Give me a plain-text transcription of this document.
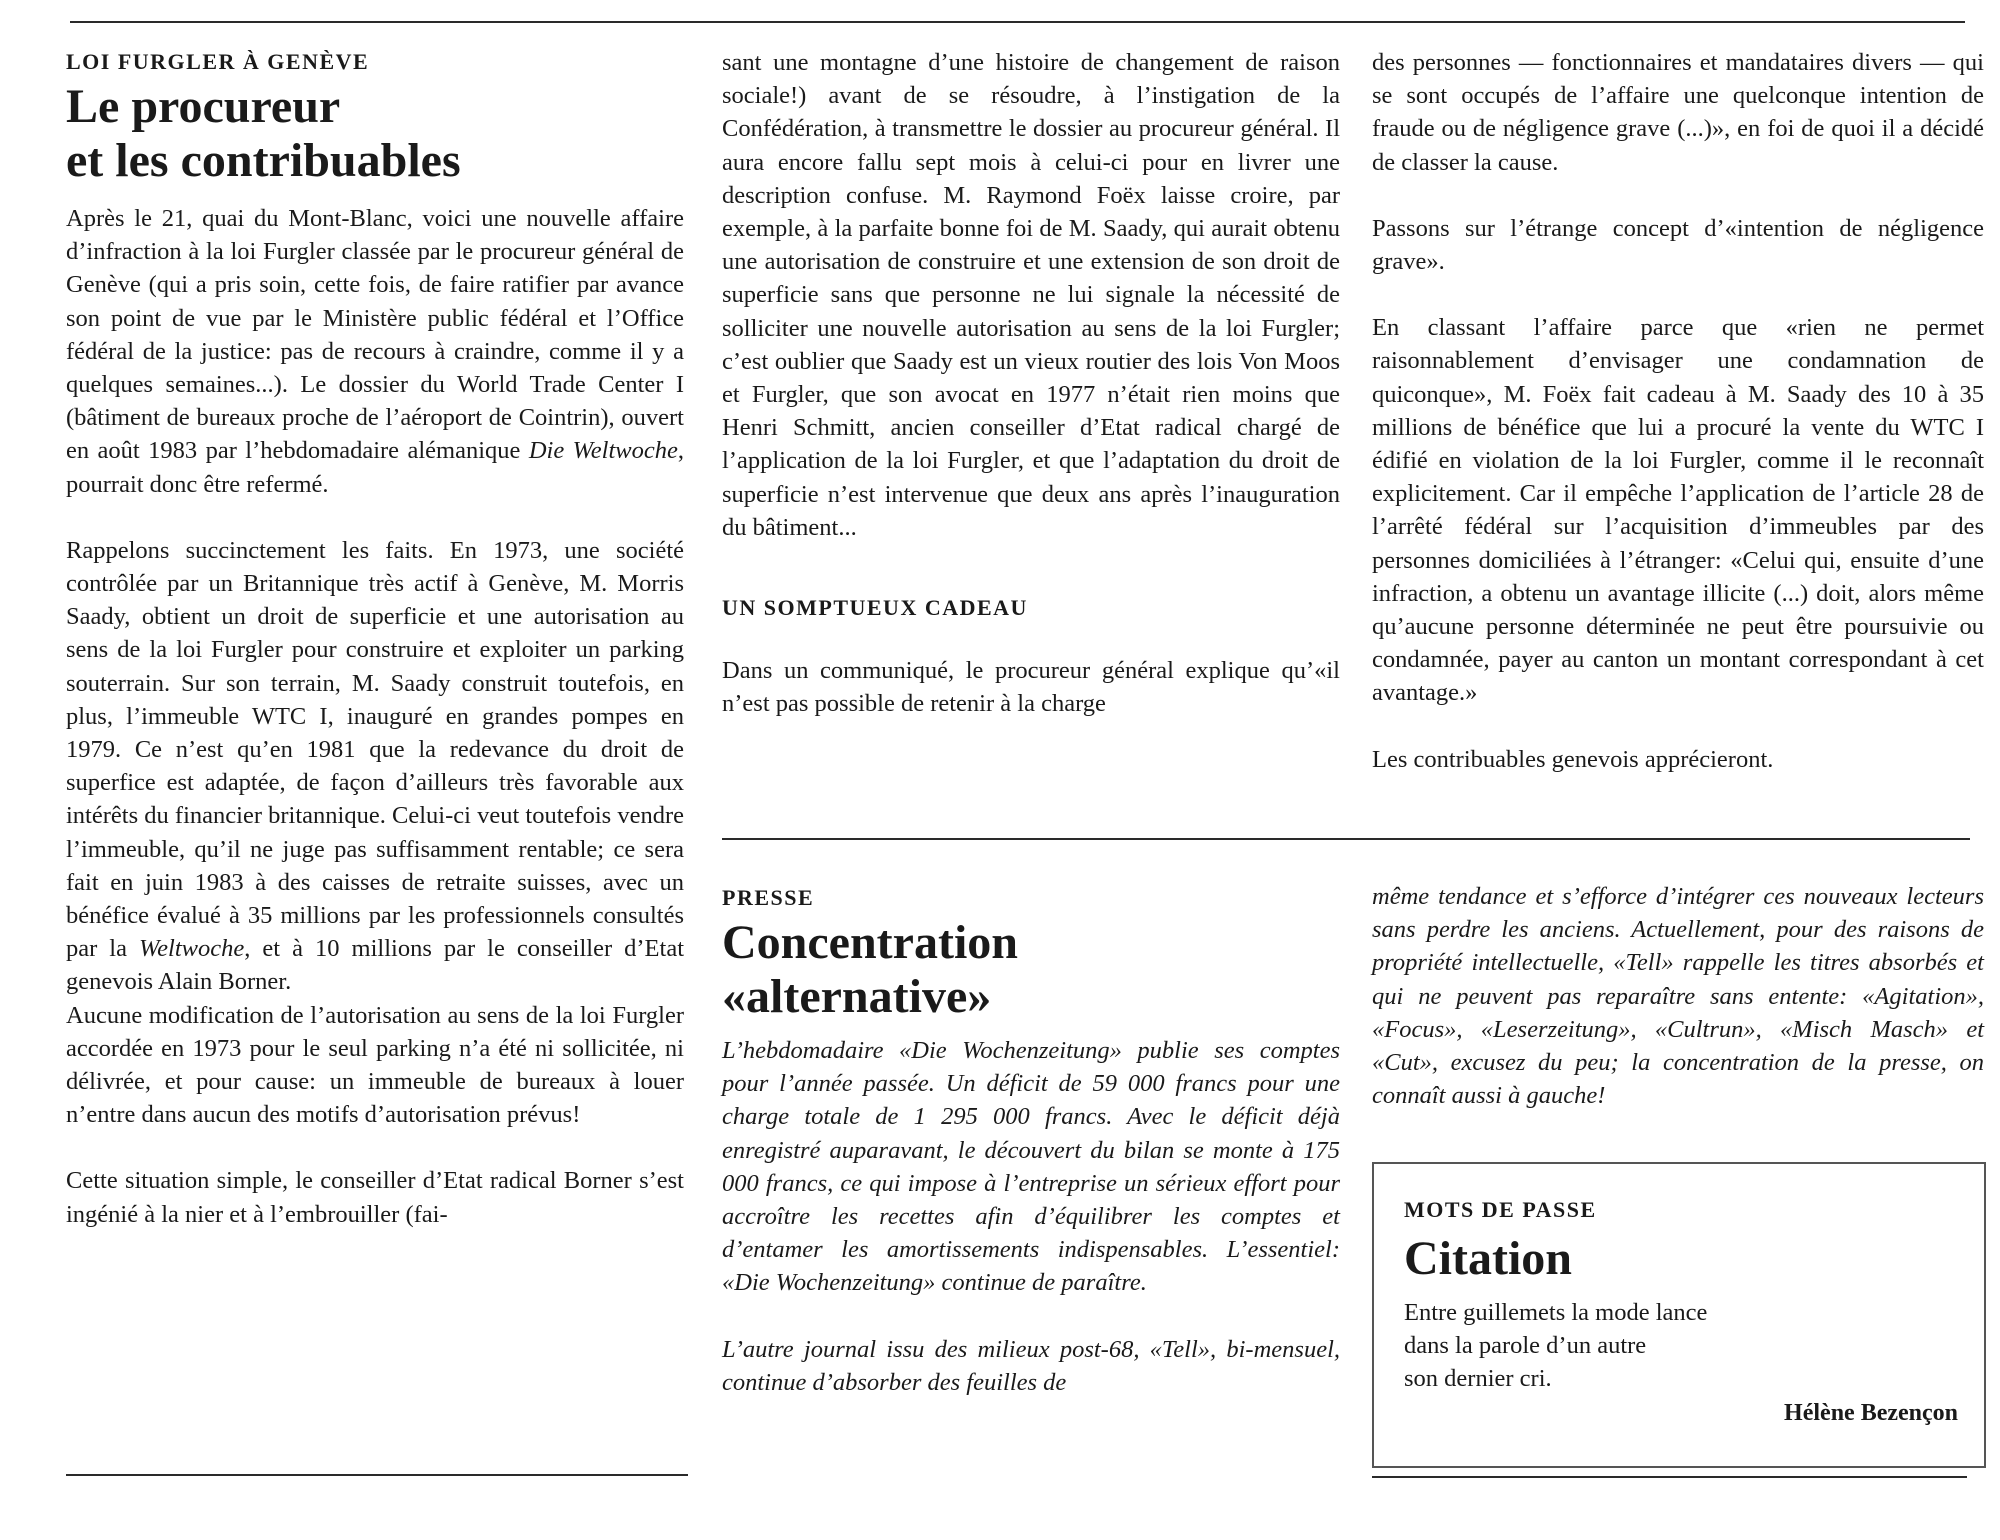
LOI FURGLER À GENÈVE

Le procureur
et les contribuables

Après le 21, quai du Mont-Blanc, voici une nouvelle affaire d’infraction à la loi Furgler classée par le procureur général de Genève (qui a pris soin, cette fois, de faire ratifier par avance son point de vue par le Ministère public fédéral et l’Office fédéral de la justice: pas de recours à craindre, comme il y a quelques semaines...). Le dossier du World Trade Center I (bâtiment de bureaux proche de l’aéroport de Cointrin), ouvert en août 1983 par l’hebdomadaire alémanique Die Weltwoche, pourrait donc être refermé.

Rappelons succinctement les faits. En 1973, une société contrôlée par un Britannique très actif à Genève, M. Morris Saady, obtient un droit de superficie et une autorisation au sens de la loi Furgler pour construire et exploiter un parking souterrain. Sur son terrain, M. Saady construit toutefois, en plus, l’immeuble WTC I, inauguré en grandes pompes en 1979. Ce n’est qu’en 1981 que la redevance du droit de superfice est adaptée, de façon d’ailleurs très favorable aux intérêts du financier britannique. Celui-ci veut toutefois vendre l’immeuble, qu’il ne juge pas suffisamment rentable; ce sera fait en juin 1983 à des caisses de retraite suisses, avec un bénéfice évalué à 35 millions par les professionnels consultés par la Weltwoche, et à 10 millions par le conseiller d’Etat genevois Alain Borner.

Aucune modification de l’autorisation au sens de la loi Furgler accordée en 1973 pour le seul parking n’a été ni sollicitée, ni délivrée, et pour cause: un immeuble de bureaux à louer n’entre dans aucun des motifs d’autorisation prévus!

Cette situation simple, le conseiller d’Etat radical Borner s’est ingénié à la nier et à l’embrouiller (fai-

sant une montagne d’une histoire de changement de raison sociale!) avant de se résoudre, à l’instigation de la Confédération, à transmettre le dossier au procureur général. Il aura encore fallu sept mois à celui-ci pour en livrer une description confuse. M. Raymond Foëx laisse croire, par exemple, à la parfaite bonne foi de M. Saady, qui aurait obtenu une autorisation de construire et une extension de son droit de superficie sans que personne ne lui signale la nécessité de solliciter une nouvelle autorisation au sens de la loi Furgler; c’est oublier que Saady est un vieux routier des lois Von Moos et Furgler, que son avocat en 1977 n’était rien moins que Henri Schmitt, ancien conseiller d’Etat radical chargé de l’application de la loi Furgler, et que l’adaptation du droit de superficie n’est intervenue que deux ans après l’inauguration du bâtiment...

UN SOMPTUEUX CADEAU

Dans un communiqué, le procureur général explique qu’«il n’est pas possible de retenir à la charge

des personnes — fonctionnaires et mandataires divers — qui se sont occupés de l’affaire une quelconque intention de fraude ou de négligence grave (...)», en foi de quoi il a décidé de classer la cause.

Passons sur l’étrange concept d’«intention de négligence grave».

En classant l’affaire parce que «rien ne permet raisonnablement d’envisager une condamnation de quiconque», M. Foëx fait cadeau à M. Saady des 10 à 35 millions de bénéfice que lui a procuré la vente du WTC I édifié en violation de la loi Furgler, comme il le reconnaît explicitement. Car il empêche l’application de l’article 28 de l’arrêté fédéral sur l’acquisition d’immeubles par des personnes domiciliées à l’étranger: «Celui qui, ensuite d’une infraction, a obtenu un avantage illicite (...) doit, alors même qu’aucune personne déterminée ne peut être poursuivie ou condamnée, payer au canton un montant correspondant à cet avantage.»

Les contribuables genevois apprécieront.

PRESSE

Concentration
«alternative»

L’hebdomadaire «Die Wochenzeitung» publie ses comptes pour l’année passée. Un déficit de 59 000 francs pour une charge totale de 1 295 000 francs. Avec le déficit déjà enregistré auparavant, le découvert du bilan se monte à 175 000 francs, ce qui impose à l’entreprise un sérieux effort pour accroître les recettes afin d’équilibrer les comptes et d’entamer les amortissements indispensables. L’essentiel: «Die Wochenzeitung» continue de paraître.

L’autre journal issu des milieux post-68, «Tell», bi-mensuel, continue d’absorber des feuilles de

même tendance et s’efforce d’intégrer ces nouveaux lecteurs sans perdre les anciens. Actuellement, pour des raisons de propriété intellectuelle, «Tell» rappelle les titres absorbés et qui ne peuvent pas reparaître sans entente: «Agitation», «Focus», «Leserzeitung», «Cultrun», «Misch Masch» et «Cut», excusez du peu; la concentration de la presse, on connaît aussi à gauche!

MOTS DE PASSE

Citation

Entre guillemets la mode lance

dans la parole d’un autre

son dernier cri.

Hélène Bezençon
